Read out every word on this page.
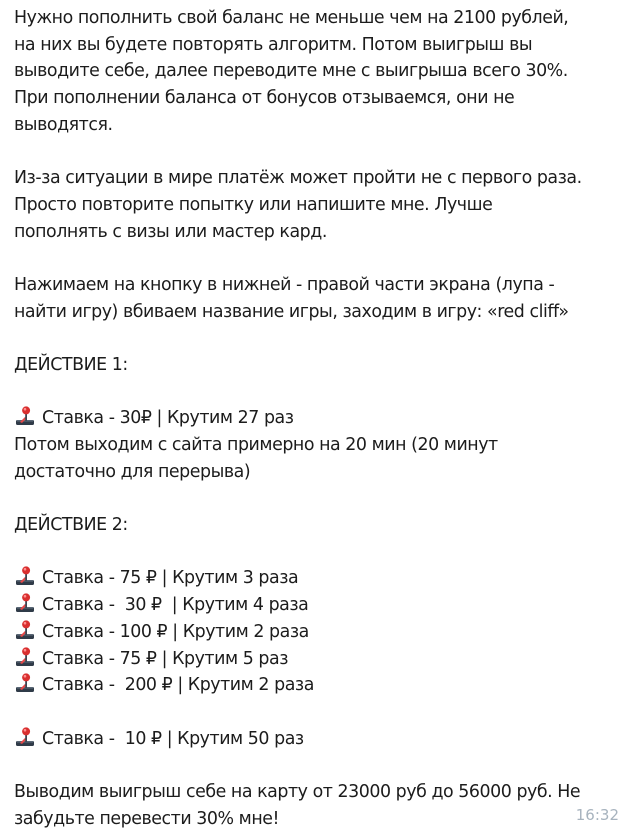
Нужно пополнить свой баланс не меньше чем на 2100 рублей,
на них вы будете повторять алгоритм. Потом выигрыш вы
выводите себе, далее переводите мне с выигрыша всего 30%.
При пополнении баланса от бонусов отзываемся, они не
выводятся.
Из-за ситуации в мире платёж может пройти не с первого раза.
Просто повторите попытку или напишите мне. Лучше
пополнять с визы или мастер кард.
Нажимаем на кнопку в нижней - правой части экрана (лупа -
найти игру) вбиваем название игры, заходим в игру: «red cliff»
ДЕЙСТВИЕ 1:
Ставка - 30₽ | Крутим 27 раз
Потом выходим с сайта примерно на 20 мин (20 минут
достаточно для перерыва)
ДЕЙСТВИЕ 2:
Ставка - 75 ₽ | Крутим 3 раза
Ставка -  30 ₽  | Крутим 4 раза
Ставка - 100 ₽ | Крутим 2 раза
Ставка - 75 ₽ | Крутим 5 раз
Ставка -  200 ₽ | Крутим 2 раза
Ставка -  10 ₽ | Крутим 50 раз
Выводим выигрыш себе на карту от 23000 руб до 56000 руб. Не
забудьте перевести 30% мне!	16:32
